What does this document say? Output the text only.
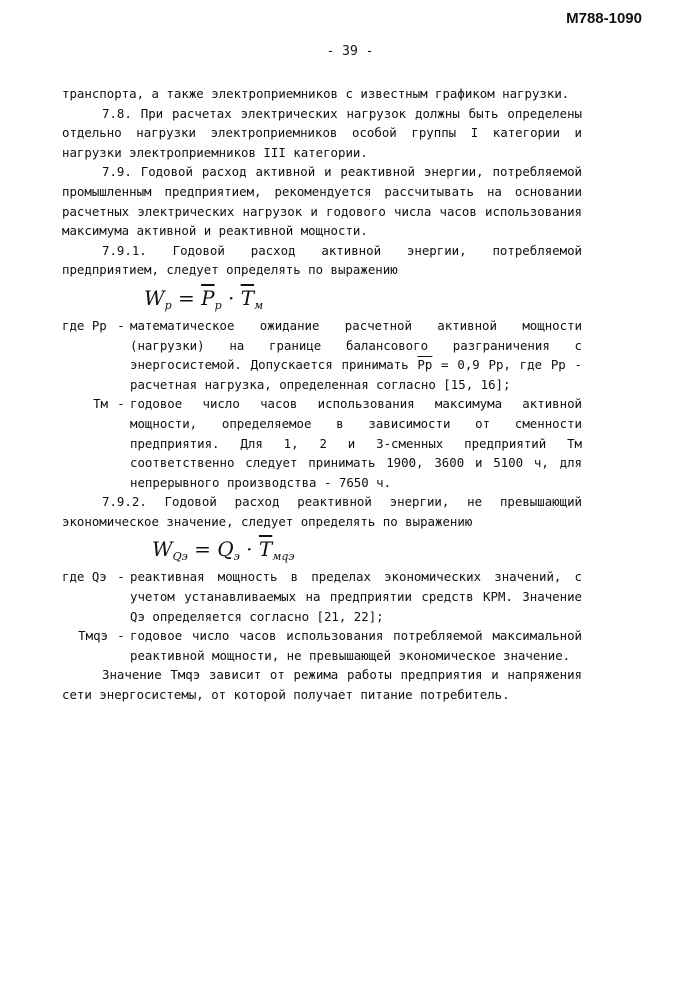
М788-1090
- 39 -

транспорта, а также электроприемников с известным графиком нагрузки.

7.8. При расчетах электрических нагрузок должны быть определены отдельно нагрузки электроприемников особой группы I категории и нагрузки электроприемников III категории.

7.9. Годовой расход активной и реактивной энергии, потребляемой промышленным предприятием, рекомендуется рассчитывать на основании расчетных электрических нагрузок и годового числа часов использования максимума активной и реактивной мощности.

7.9.1. Годовой расход активной энергии, потребляемой предприятием, следует определять по выражению

$W_p = \overline{P}_p \cdot \overline{T}_м$
где Рр - математическое ожидание расчетной активной мощности (нагрузки) на границе балансового разграничения с энергосистемой. Допускается принимать Рр = 0,9 Рр, где Рр - расчетная нагрузка, определенная согласно [15, 16];
Тм - годовое число часов использования максимума активной мощности, определяемое в зависимости от сменности предприятия. Для 1, 2 и 3-сменных предприятий Тм соответственно следует принимать 1900, 3600 и 5100 ч, для непрерывного производства - 7650 ч.

7.9.2. Годовой расход реактивной энергии, не превышающий экономическое значение, следует определять по выражению

$W_{Qэ} = Q_э \cdot \overline{T}_{мqэ}$
где Qэ - реактивная мощность в пределах экономических значений, с учетом устанавливаемых на предприятии средств КРМ. Значение Qэ определяется согласно [21, 22];
Тмqэ - годовое число часов использования потребляемой максимальной реактивной мощности, не превышающей экономическое значение.

Значение Тмqэ зависит от режима работы предприятия и напряжения сети энергосистемы, от которой получает питание потребитель.
